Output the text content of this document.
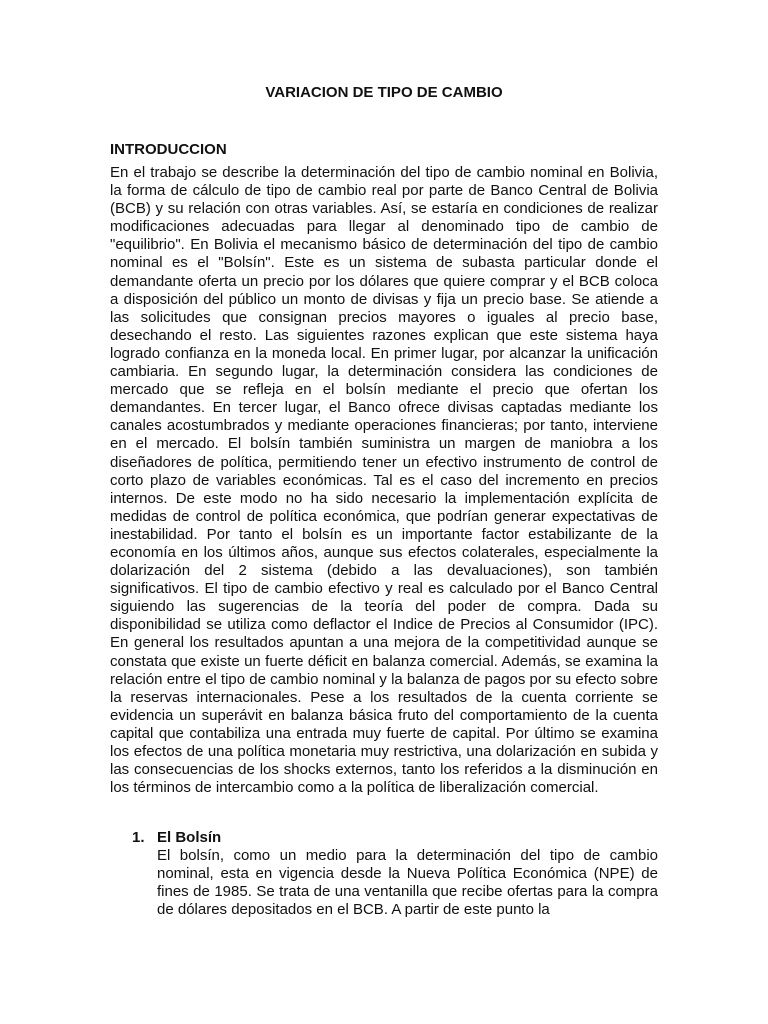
VARIACION DE TIPO DE CAMBIO
INTRODUCCION

En el trabajo se describe la determinación del tipo de cambio nominal en Bolivia, la forma de cálculo de tipo de cambio real por parte de Banco Central de Bolivia (BCB) y su relación con otras variables. Así, se estaría en condiciones de realizar modificaciones adecuadas para llegar al denominado tipo de cambio de "equilibrio". En Bolivia el mecanismo básico de determinación del tipo de cambio nominal es el "Bolsín". Este es un sistema de subasta particular donde el demandante oferta un precio por los dólares que quiere comprar y el BCB coloca a disposición del público un monto de divisas y fija un precio base. Se atiende a las solicitudes que consignan precios mayores o iguales al precio base, desechando el resto. Las siguientes razones explican que este sistema haya logrado confianza en la moneda local. En primer lugar, por alcanzar la unificación cambiaria. En segundo lugar, la determinación considera las condiciones de mercado que se refleja en el bolsín mediante el precio que ofertan los demandantes. En tercer lugar, el Banco ofrece divisas captadas mediante los canales acostumbrados y mediante operaciones financieras; por tanto, interviene en el mercado. El bolsín también suministra un margen de maniobra a los diseñadores de política, permitiendo tener un efectivo instrumento de control de corto plazo de variables económicas. Tal es el caso del incremento en precios internos. De este modo no ha sido necesario la implementación explícita de medidas de control de política económica, que podrían generar expectativas de inestabilidad. Por tanto el bolsín es un importante factor estabilizante de la economía en los últimos años, aunque sus efectos colaterales, especialmente la dolarización del 2 sistema (debido a las devaluaciones), son también significativos. El tipo de cambio efectivo y real es calculado por el Banco Central siguiendo las sugerencias de la teoría del poder de compra. Dada su disponibilidad se utiliza como deflactor el Indice de Precios al Consumidor (IPC). En general los resultados apuntan a una mejora de la competitividad aunque se constata que existe un fuerte déficit en balanza comercial. Además, se examina la relación entre el tipo de cambio nominal y la balanza de pagos por su efecto sobre la reservas internacionales. Pese a los resultados de la cuenta corriente se evidencia un superávit en balanza básica fruto del comportamiento de la cuenta capital que contabiliza una entrada muy fuerte de capital. Por último se examina los efectos de una política monetaria muy restrictiva, una dolarización en subida y las consecuencias de los shocks externos, tanto los referidos a la disminución en los términos de intercambio como a la política de liberalización comercial.

1. El Bolsín

El bolsín, como un medio para la determinación del tipo de cambio nominal, esta en vigencia desde la Nueva Política Económica (NPE) de fines de 1985. Se trata de una ventanilla que recibe ofertas para la compra de dólares depositados en el BCB. A partir de este punto la
